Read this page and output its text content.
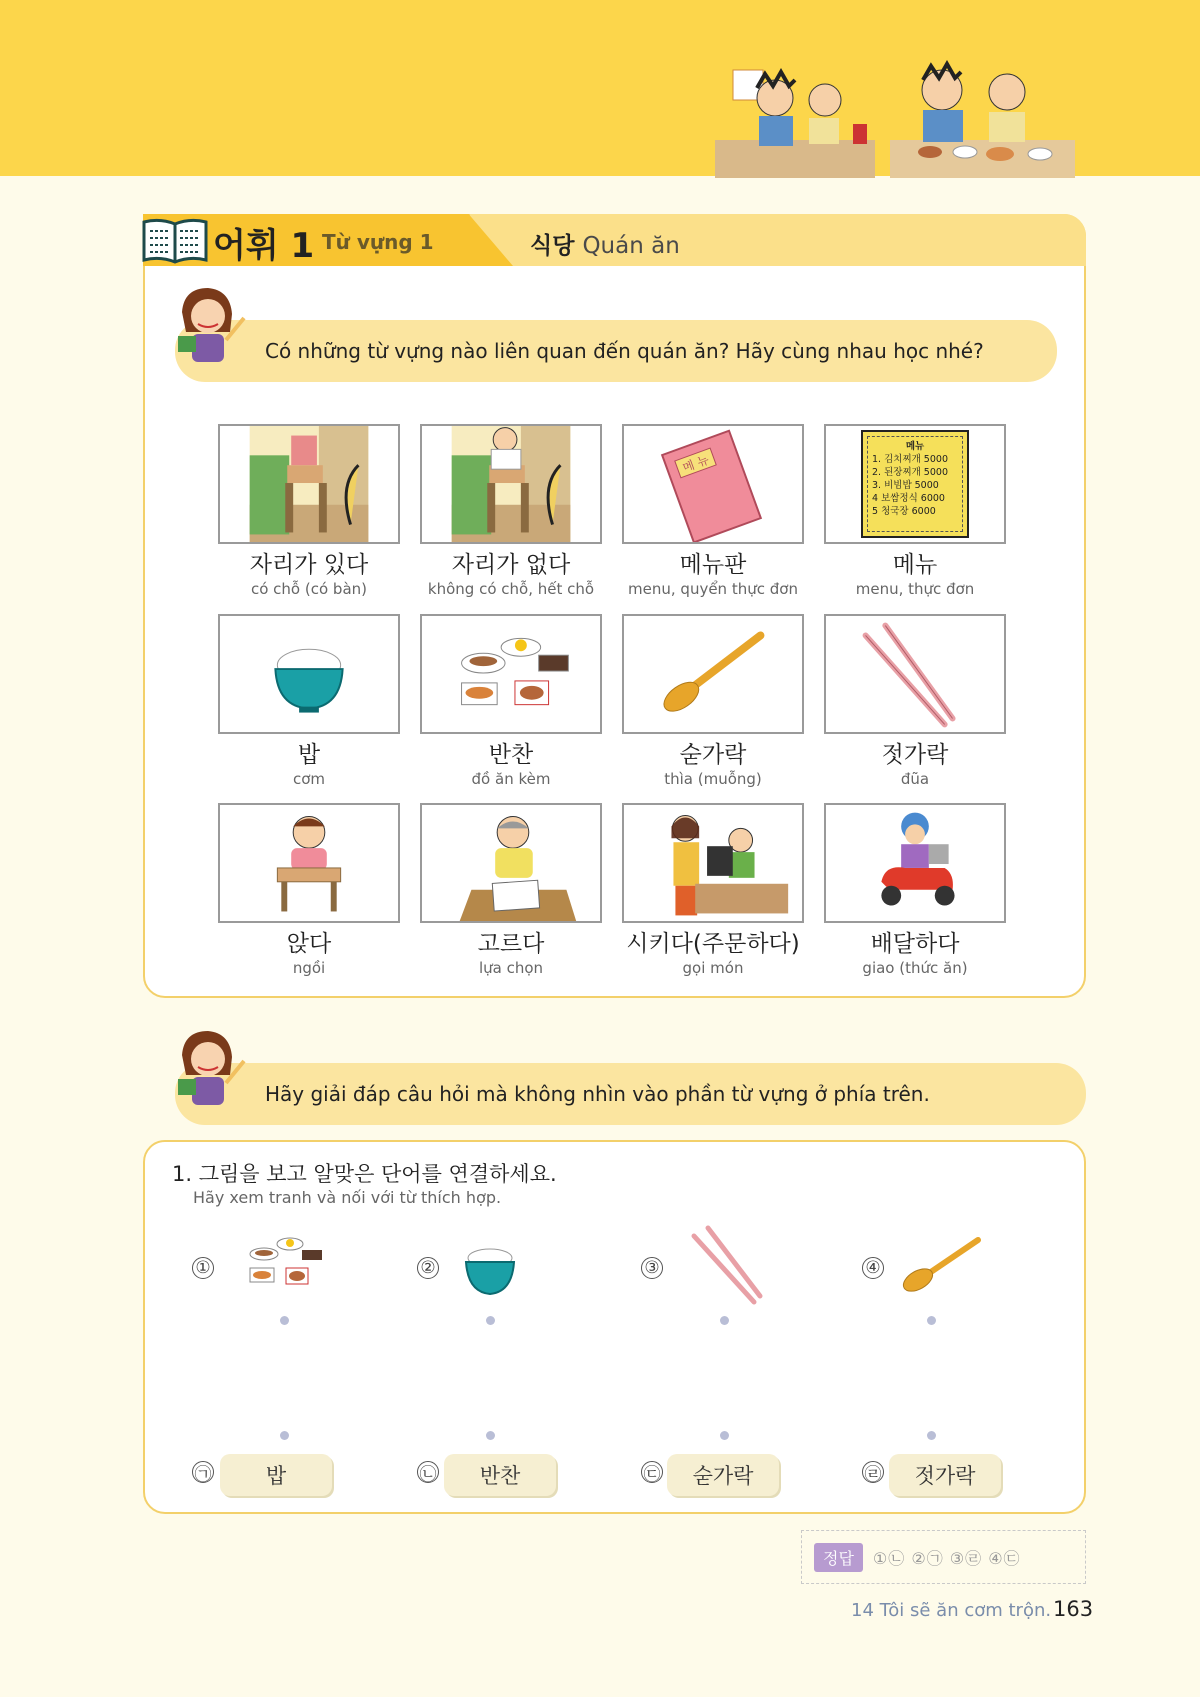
어휘 1 Từ vựng 1	식당 Quán ăn
Có những từ vựng nào liên quan đến quán ăn? Hãy cùng nhau học nhé?
자리가 있다
có chỗ (có bàn)
자리가 없다
không có chỗ, hết chỗ
메 뉴
메뉴판
menu, quyển thực đơn
메뉴
1. 김치찌개 5000
2. 된장찌개 5000
3. 비빔밥 5000
4 보쌈정식 6000
5 청국장 6000
메뉴
menu, thực đơn
밥
cơm
반찬
đồ ăn kèm
숟가락
thìa (muỗng)
젓가락
đũa
앉다
ngồi
고르다
lựa chọn
시키다(주문하다)
gọi món
배달하다
giao (thức ăn)
Hãy giải đáp câu hỏi mà không nhìn vào phần từ vựng ở phía trên.
1. 그림을 보고 알맞은 단어를 연결하세요.
Hãy xem tranh và nối với từ thích hợp.
①	②	③	④
㉠	밥	㉡ 반찬	㉢ 숟가락	㉣ 젓가락
정답	①㉡ ②㉠ ③㉣ ④㉢
14 Tôi sẽ ăn cơm trộn. 163
